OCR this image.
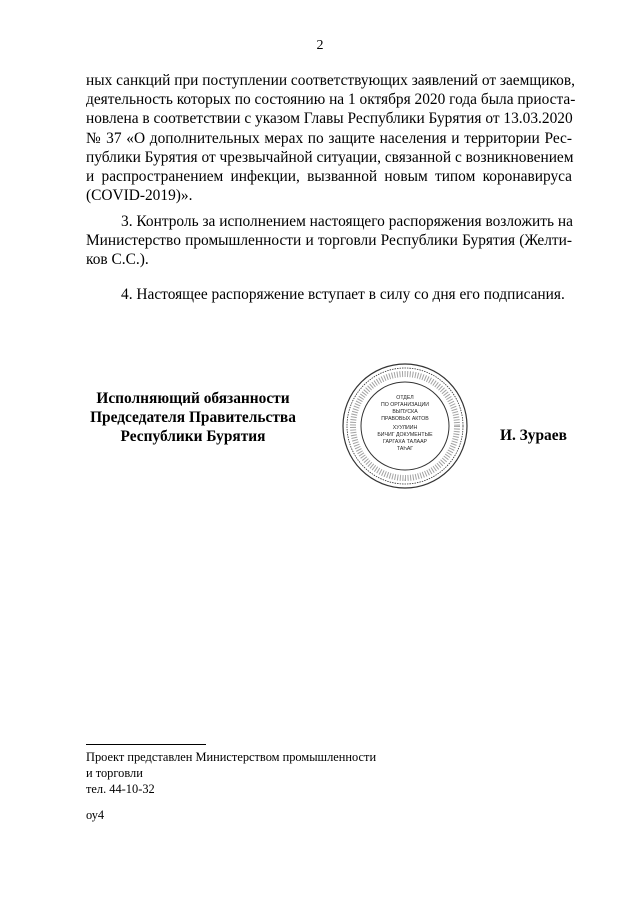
2
ных санкций при поступлении соответствующих заявлений от заемщиков,
деятельность которых по состоянию на 1 октября 2020 года была приоста-
новлена в соответствии с указом Главы Республики Бурятия от 13.03.2020
№ 37 «О дополнительных мерах по защите населения и территории Рес-
публики Бурятия от чрезвычайной ситуации, связанной с возникновением
и распространением инфекции, вызванной новым типом коронавируса
(COVID-2019)».
3. Контроль за исполнением настоящего распоряжения возложить на
Министерство промышленности и торговли Республики Бурятия (Желти-
ков С.С.).
4. Настоящее распоряжение вступает в силу со дня его подписания.
Исполняющий обязанности
Председателя Правительства
Республики Бурятия
ОТДЕЛ
ПО ОРГАНИЗАЦИИ
ВЫПУСКА
ПРАВОВЫХ АКТОВ
ХУУЛИИН
БИЧИГ ДОКУМЕНТЫЕ
ГАРГАХА ТАЛААР
ТАҺАГ
И. Зураев
Проект представлен Министерством промышленности
и торговли
тел. 44-10-32
оу4
